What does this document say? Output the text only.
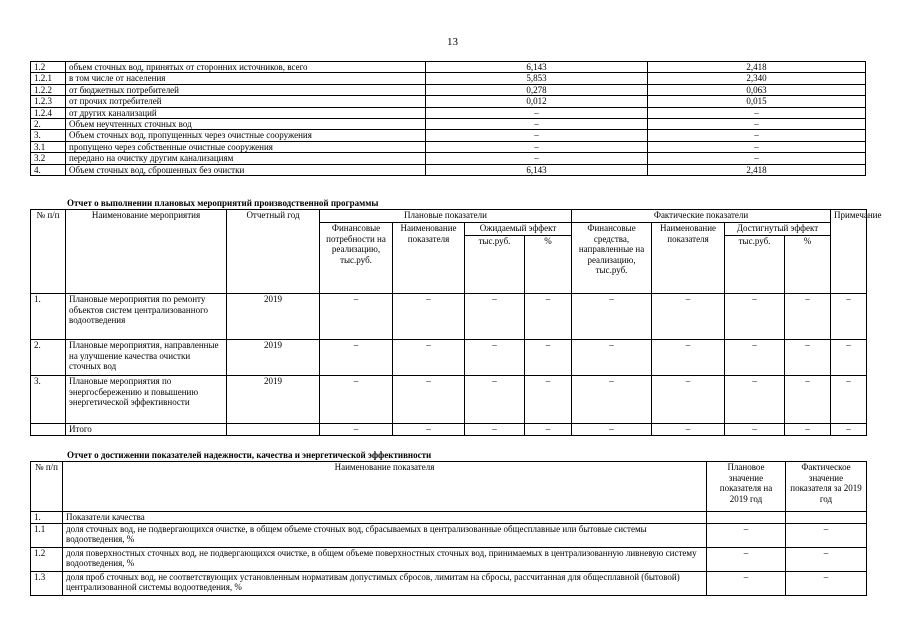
13
1.2	объем сточных вод, принятых от сторонних источников, всего	6,143	2,418
1.2.1	в том числе от населения	5,853	2,340
1.2.2	от бюджетных потребителей	0,278	0,063
1.2.3	от прочих потребителей	0,012	0,015
1.2.4	от других канализаций	–	–
2.	Объем неучтенных сточных вод	–	–
3.	Объем сточных вод, пропущенных через очистные сооружения	–	–
3.1	пропущено через собственные очистные сооружения	–	–
3.2	передано на очистку другим канализациям	–	–
4.	Объем сточных вод, сброшенных без очистки	6,143	2,418
Отчет о выполнении плановых мероприятий производственной программы
№ п/п	Наименование мероприятия	Отчетный год	Плановые показатели				Фактические показатели				Примечание
			Финансовые потребности на реализацию, тыс.руб.	Наименование показателя	Ожидаемый эффект		Финансовые средства, направленные на реализацию, тыс.руб.	Наименование показателя	Достигнутый эффект		
					тыс.руб.	%			тыс.руб.	%	
1.	Плановые мероприятия по ремонту объектов систем централизованного водоотведения	2019	–	–	–	–	–	–	–	–	–
2.	Плановые мероприятия, направленные на улучшение качества очистки сточных вод	2019	–	–	–	–	–	–	–	–	–
3.	Плановые мероприятия по энергосбережению и повышению энергетической эффективности	2019	–	–	–	–	–	–	–	–	–
	Итого		–	–	–	–	–	–	–	–	–
Отчет о достижении показателей надежности, качества и энергетической эффективности
№ п/п	Наименование показателя	Плановое значение показателя на 2019 год	Фактическое значение показателя за 2019 год
1.	Показатели качества		
1.1	доля сточных вод, не подвергающихся очистке, в общем объеме сточных вод, сбрасываемых в централизованные общесплавные или бытовые системы водоотведения, %	–	–
1.2	доля поверхностных сточных вод, не подвергающихся очистке, в общем объеме поверхностных сточных вод, принимаемых в централизованную ливневую систему водоотведения, %	–	–
1.3	доля проб сточных вод, не соответствующих установленным нормативам допустимых сбросов, лимитам на сбросы, рассчитанная для общесплавной (бытовой) централизованной системы водоотведения, %	–	–
